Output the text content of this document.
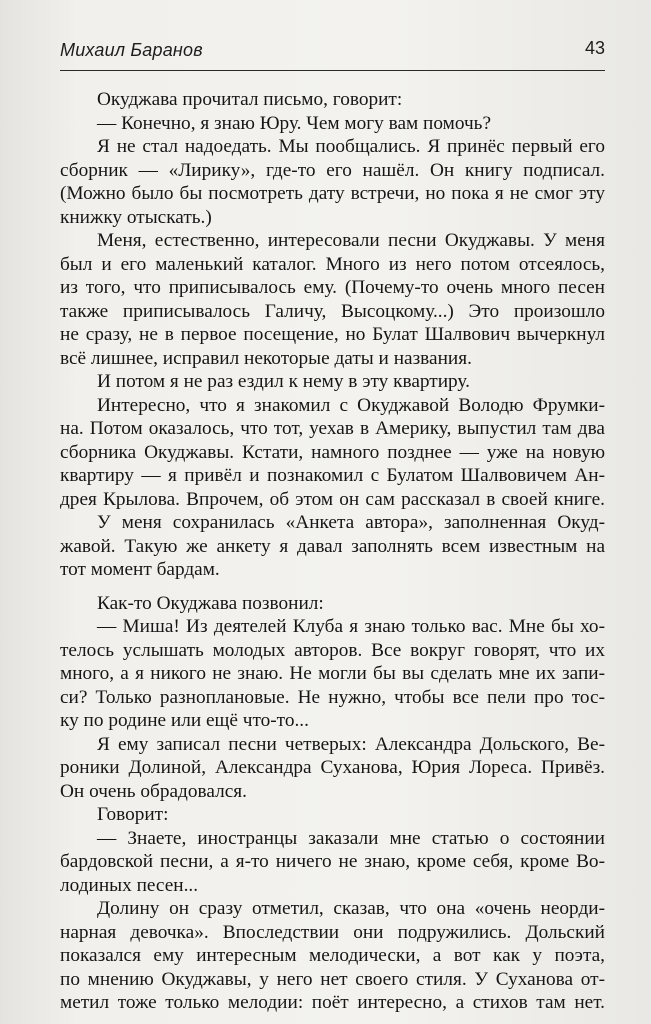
Михаил Баранов	43
Окуджава прочитал письмо, говорит:
— Конечно, я знаю Юру. Чем могу вам помочь?
Я не стал надоедать. Мы пообщались. Я принёс первый его
сборник — «Лирику», где-то его нашёл. Он книгу подписал.
(Можно было бы посмотреть дату встречи, но пока я не смог эту
книжку отыскать.)
Меня, естественно, интересовали песни Окуджавы. У меня
был и его маленький каталог. Много из него потом отсеялось,
из того, что приписывалось ему. (Почему-то очень много песен
также приписывалось Галичу, Высоцкому...) Это произошло
не сразу, не в первое посещение, но Булат Шалвович вычеркнул
всё лишнее, исправил некоторые даты и названия.
И потом я не раз ездил к нему в эту квартиру.
Интересно, что я знакомил с Окуджавой Володю Фрумки-
на. Потом оказалось, что тот, уехав в Америку, выпустил там два
сборника Окуджавы. Кстати, намного позднее — уже на новую
квартиру — я привёл и познакомил с Булатом Шалвовичем Ан-
дрея Крылова. Впрочем, об этом он сам рассказал в своей книге.
У меня сохранилась «Анкета автора», заполненная Окуд-
жавой. Такую же анкету я давал заполнять всем известным на
тот момент бардам.
Как-то Окуджава позвонил:
— Миша! Из деятелей Клуба я знаю только вас. Мне бы хо-
телось услышать молодых авторов. Все вокруг говорят, что их
много, а я никого не знаю. Не могли бы вы сделать мне их запи-
си? Только разноплановые. Не нужно, чтобы все пели про тос-
ку по родине или ещё что-то...
Я ему записал песни четверых: Александра Дольского, Ве-
роники Долиной, Александра Суханова, Юрия Лореса. Привёз.
Он очень обрадовался.
Говорит:
— Знаете, иностранцы заказали мне статью о состоянии
бардовской песни, а я-то ничего не знаю, кроме себя, кроме Во-
лодиных песен...
Долину он сразу отметил, сказав, что она «очень неорди-
нарная девочка». Впоследствии они подружились. Дольский
показался ему интересным мелодически, а вот как у поэта,
по мнению Окуджавы, у него нет своего стиля. У Суханова от-
метил тоже только мелодии: поёт интересно, а стихов там нет.
